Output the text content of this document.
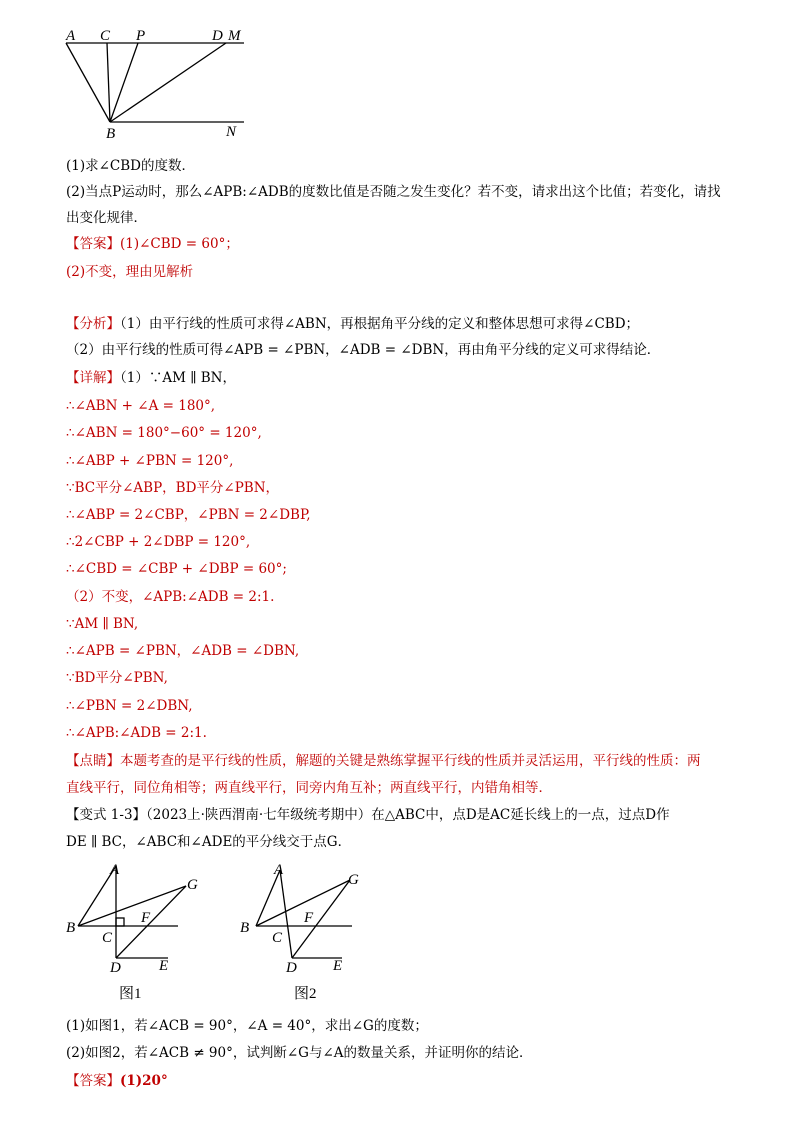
A C P	D M
B	N
(1)求∠CBD的度数．
(2)当点P运动时，那么∠APB:∠ADB的度数比值是否随之发生变化？若不变，请求出这个比值；若变化，请找
出变化规律．
【答案】(1)∠CBD = 60°；
(2)不变，理由见解析
【分析】（1）由平行线的性质可求得∠ABN，再根据角平分线的定义和整体思想可求得∠CBD；
（2）由平行线的性质可得∠APB = ∠PBN，∠ADB = ∠DBN，再由角平分线的定义可求得结论．
【详解】（1）∵AM ∥ BN，
∴∠ABN + ∠A = 180°,
∴∠ABN = 180°−60° = 120°,
∴∠ABP + ∠PBN = 120°,
∵BC平分∠ABP，BD平分∠PBN，
∴∠ABP = 2∠CBP，∠PBN = 2∠DBP,
∴2∠CBP + 2∠DBP = 120°,
∴∠CBD = ∠CBP + ∠DBP = 60°;
（2）不变，∠APB:∠ADB = 2:1.
∵AM ∥ BN,
∴∠APB = ∠PBN，∠ADB = ∠DBN,
∵BD平分∠PBN,
∴∠PBN = 2∠DBN,
∴∠APB:∠ADB = 2:1.
【点睛】本题考查的是平行线的性质，解题的关键是熟练掌握平行线的性质并灵活运用，平行线的性质：两
直线平行，同位角相等；两直线平行，同旁内角互补；两直线平行，内错角相等．
【变式 1-3】（2023上·陕西渭南·七年级统考期中）在△ABC中，点D是AC延长线上的一点，过点D作
DE ∥ BC，∠ABC和∠ADE的平分线交于点G．
A
G
B
C
F
D	E
图1
A
G
B
C
F
D E
图2
(1)如图1，若∠ACB = 90°，∠A = 40°，求出∠G的度数；
(2)如图2，若∠ACB ≠ 90°，试判断∠G与∠A的数量关系，并证明你的结论．
【答案】(1)20°
